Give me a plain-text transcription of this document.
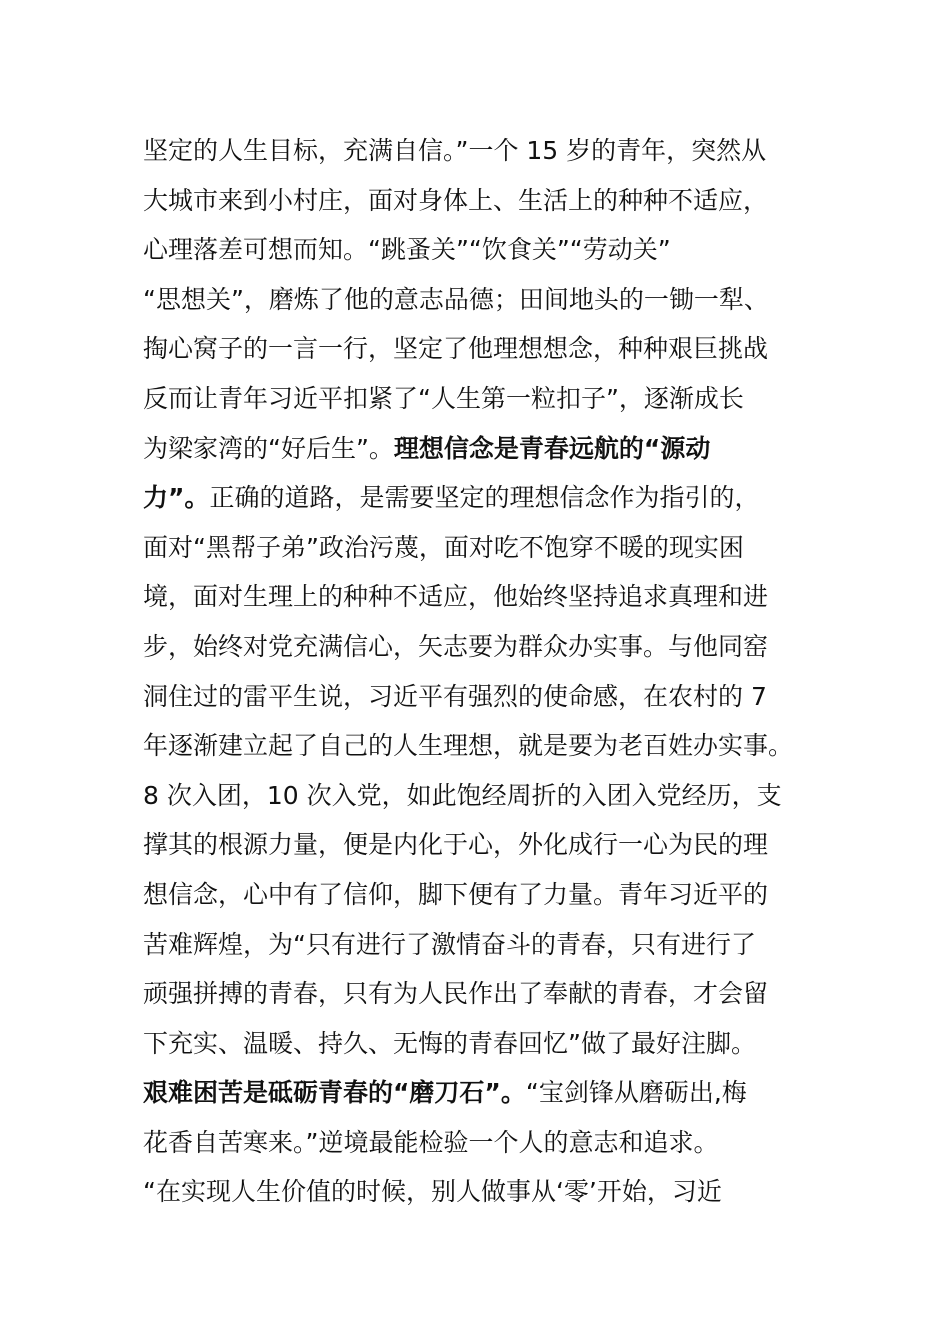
坚定的人生目标，充满自信。”一个 15 岁的青年，突然从
大城市来到小村庄，面对身体上、生活上的种种不适应，
心理落差可想而知。“跳蚤关”“饮食关”“劳动关”
“思想关”，磨炼了他的意志品德；田间地头的一锄一犁、
掏心窝子的一言一行，坚定了他理想想念，种种艰巨挑战
反而让青年习近平扣紧了“人生第一粒扣子”，逐渐成长
为梁家湾的“好后生”。理想信念是青春远航的“源动
力”。正确的道路，是需要坚定的理想信念作为指引的，
面对“黑帮子弟”政治污蔑，面对吃不饱穿不暖的现实困
境，面对生理上的种种不适应，他始终坚持追求真理和进
步，始终对党充满信心，矢志要为群众办实事。与他同窑
洞住过的雷平生说，习近平有强烈的使命感，在农村的 7
年逐渐建立起了自己的人生理想，就是要为老百姓办实事。
8 次入团，10 次入党，如此饱经周折的入团入党经历，支
撑其的根源力量，便是内化于心，外化成行一心为民的理
想信念，心中有了信仰，脚下便有了力量。青年习近平的
苦难辉煌，为“只有进行了激情奋斗的青春，只有进行了
顽强拼搏的青春，只有为人民作出了奉献的青春，才会留
下充实、温暖、持久、无悔的青春回忆”做了最好注脚。
艰难困苦是砥砺青春的“磨刀石”。“宝剑锋从磨砺出,梅
花香自苦寒来。”逆境最能检验一个人的意志和追求。
“在实现人生价值的时候，别人做事从‘零’开始，习近
